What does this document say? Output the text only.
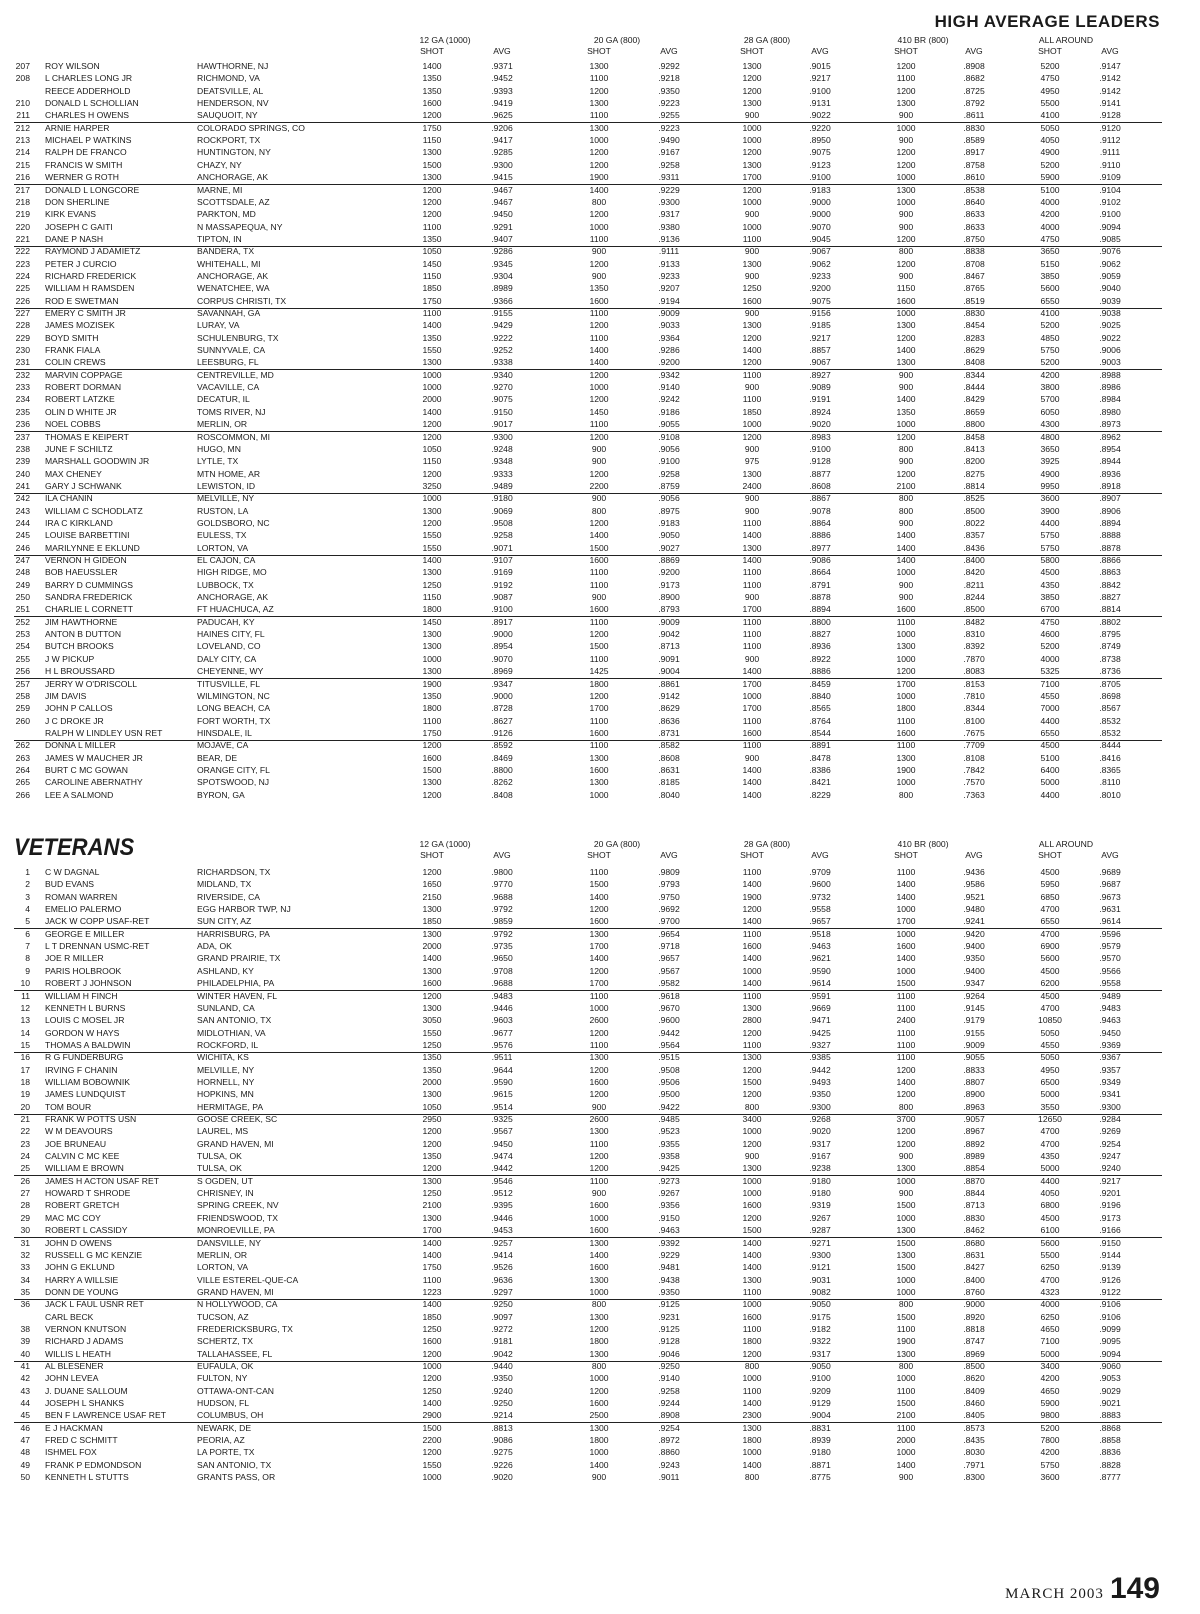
HIGH AVERAGE LEADERS
12 GA (1000)	20 GA (800)	28 GA (800)	410 BR (800)	ALL AROUND
SHOT	AVG	SHOT	AVG	SHOT	AVG	SHOT	AVG	SHOT	AVG
207 ROY WILSON	HAWTHORNE, NJ	1400	.9371	1300	.9292	1300	.9015	1200	.8908	5200	.9147
208 L CHARLES LONG JR	RICHMOND, VA	1350	.9452	1100	.9218	1200	.9217	1100	.8682	4750	.9142
REECE ADDERHOLD	DEATSVILLE, AL	1350	.9393	1200	.9350	1200	.9100	1200	.8725	4950	.9142
210 DONALD L SCHOLLIAN	HENDERSON, NV	1600	.9419	1300	.9223	1300	.9131	1300	.8792	5500	.9141
211 CHARLES H OWENS	SAUQUOIT, NY	1200	.9625	1100	.9255	900	.9022	900	.8611	4100	.9128
212 ARNIE HARPER	COLORADO SPRINGS, CO	1750	.9206	1300	.9223	1000	.9220	1000	.8830	5050	.9120
213 MICHAEL P WATKINS	ROCKPORT, TX	1150	.9417	1000	.9490	1000	.8950	900	.8589	4050	.9112
214 RALPH DE FRANCO	HUNTINGTON, NY	1300	.9285	1200	.9167	1200	.9075	1200	.8917	4900	.9111
215 FRANCIS W SMITH	CHAZY, NY	1500	.9300	1200	.9258	1300	.9123	1200	.8758	5200	.9110
216 WERNER G ROTH	ANCHORAGE, AK	1300	.9415	1900	.9311	1700	.9100	1000	.8610	5900	.9109
217 DONALD L LONGCORE	MARNE, MI	1200	.9467	1400	.9229	1200	.9183	1300	.8538	5100	.9104
218 DON SHERLINE	SCOTTSDALE, AZ	1200	.9467	800	.9300	1000	.9000	1000	.8640	4000	.9102
219 KIRK EVANS	PARKTON, MD	1200	.9450	1200	.9317	900	.9000	900	.8633	4200	.9100
220 JOSEPH C GAITI	N MASSAPEQUA, NY	1100	.9291	1000	.9380	1000	.9070	900	.8633	4000	.9094
221 DANE P NASH	TIPTON, IN	1350	.9407	1100	.9136	1100	.9045	1200	.8750	4750	.9085
222 RAYMOND J ADAMIETZ	BANDERA, TX	1050	.9286	900	.9111	900	.9067	800	.8838	3650	.9076
223 PETER J CURCIO	WHITEHALL, MI	1450	.9345	1200	.9133	1300	.9062	1200	.8708	5150	.9062
224 RICHARD FREDERICK	ANCHORAGE, AK	1150	.9304	900	.9233	900	.9233	900	.8467	3850	.9059
225 WILLIAM H RAMSDEN	WENATCHEE, WA	1850	.8989	1350	.9207	1250	.9200	1150	.8765	5600	.9040
226 ROD E SWETMAN	CORPUS CHRISTI, TX	1750	.9366	1600	.9194	1600	.9075	1600	.8519	6550	.9039
227 EMERY C SMITH JR	SAVANNAH, GA	1100	.9155	1100	.9009	900	.9156	1000	.8830	4100	.9038
228 JAMES MOZISEK	LURAY, VA	1400	.9429	1200	.9033	1300	.9185	1300	.8454	5200	.9025
229 BOYD SMITH	SCHULENBURG, TX	1350	.9222	1100	.9364	1200	.9217	1200	.8283	4850	.9022
230 FRANK FIALA	SUNNYVALE, CA	1550	.9252	1400	.9286	1400	.8857	1400	.8629	5750	.9006
231 COLIN CREWS	LEESBURG, FL	1300	.9338	1400	.9200	1200	.9067	1300	.8408	5200	.9003
232 MARVIN COPPAGE	CENTREVILLE, MD	1000	.9340	1200	.9342	1100	.8927	900	.8344	4200	.8988
233 ROBERT DORMAN	VACAVILLE, CA	1000	.9270	1000	.9140	900	.9089	900	.8444	3800	.8986
234 ROBERT LATZKE	DECATUR, IL	2000	.9075	1200	.9242	1100	.9191	1400	.8429	5700	.8984
235 OLIN D WHITE JR	TOMS RIVER, NJ	1400	.9150	1450	.9186	1850	.8924	1350	.8659	6050	.8980
236 NOEL COBBS	MERLIN, OR	1200	.9017	1100	.9055	1000	.9020	1000	.8800	4300	.8973
237 THOMAS E KEIPERT	ROSCOMMON, MI	1200	.9300	1200	.9108	1200	.8983	1200	.8458	4800	.8962
238 JUNE F SCHILTZ	HUGO, MN	1050	.9248	900	.9056	900	.9100	800	.8413	3650	.8954
239 MARSHALL GOODWIN JR	LYTLE, TX	1150	.9348	900	.9100	975	.9128	900	.8200	3925	.8944
240 MAX CHENEY	MTN HOME, AR	1200	.9333	1200	.9258	1300	.8877	1200	.8275	4900	.8936
241 GARY J SCHWANK	LEWISTON, ID	3250	.9489	2200	.8759	2400	.8608	2100	.8814	9950	.8918
242 ILA CHANIN	MELVILLE, NY	1000	.9180	900	.9056	900	.8867	800	.8525	3600	.8907
243 WILLIAM C SCHODLATZ	RUSTON, LA	1300	.9069	800	.8975	900	.9078	800	.8500	3900	.8906
244 IRA C KIRKLAND	GOLDSBORO, NC	1200	.9508	1200	.9183	1100	.8864	900	.8022	4400	.8894
245 LOUISE BARBETTINI	EULESS, TX	1550	.9258	1400	.9050	1400	.8886	1400	.8357	5750	.8888
246 MARILYNNE E EKLUND	LORTON, VA	1550	.9071	1500	.9027	1300	.8977	1400	.8436	5750	.8878
247 VERNON H GIDEON	EL CAJON, CA	1400	.9107	1600	.8869	1400	.9086	1400	.8400	5800	.8866
248 BOB HAEUSSLER	HIGH RIDGE, MO	1300	.9169	1100	.9200	1100	.8664	1000	.8420	4500	.8863
249 BARRY D CUMMINGS	LUBBOCK, TX	1250	.9192	1100	.9173	1100	.8791	900	.8211	4350	.8842
250 SANDRA FREDERICK	ANCHORAGE, AK	1150	.9087	900	.8900	900	.8878	900	.8244	3850	.8827
251 CHARLIE L CORNETT	FT HUACHUCA, AZ	1800	.9100	1600	.8793	1700	.8894	1600	.8500	6700	.8814
252 JIM HAWTHORNE	PADUCAH, KY	1450	.8917	1100	.9009	1100	.8800	1100	.8482	4750	.8802
253 ANTON B DUTTON	HAINES CITY, FL	1300	.9000	1200	.9042	1100	.8827	1000	.8310	4600	.8795
254 BUTCH BROOKS	LOVELAND, CO	1300	.8954	1500	.8713	1100	.8936	1300	.8392	5200	.8749
255 J W PICKUP	DALY CITY, CA	1000	.9070	1100	.9091	900	.8922	1000	.7870	4000	.8738
256 H L BROUSSARD	CHEYENNE, WY	1300	.8969	1425	.9004	1400	.8886	1200	.8083	5325	.8736
257 JERRY W O'DRISCOLL	TITUSVILLE, FL	1900	.9347	1800	.8861	1700	.8459	1700	.8153	7100	.8705
258 JIM DAVIS	WILMINGTON, NC	1350	.9000	1200	.9142	1000	.8840	1000	.7810	4550	.8698
259 JOHN P CALLOS	LONG BEACH, CA	1800	.8728	1700	.8629	1700	.8565	1800	.8344	7000	.8567
260 J C DROKE JR	FORT WORTH, TX	1100	.8627	1100	.8636	1100	.8764	1100	.8100	4400	.8532
RALPH W LINDLEY USN RET	HINSDALE, IL	1750	.9126	1600	.8731	1600	.8544	1600	.7675	6550	.8532
262 DONNA L MILLER	MOJAVE, CA	1200	.8592	1100	.8582	1100	.8891	1100	.7709	4500	.8444
263 JAMES W MAUCHER JR	BEAR, DE	1600	.8469	1300	.8608	900	.8478	1300	.8108	5100	.8416
264 BURT C MC GOWAN	ORANGE CITY, FL	1500	.8800	1600	.8631	1400	.8386	1900	.7842	6400	.8365
265 CAROLINE ABERNATHY	SPOTSWOOD, NJ	1300	.8262	1300	.8185	1400	.8421	1000	.7570	5000	.8110
266 LEE A SALMOND	BYRON, GA	1200	.8408	1000	.8040	1400	.8229	800	.7363	4400	.8010
VETERANS	12 GA (1000)	20 GA (800)	28 GA (800)	410 BR (800)	ALL AROUND
SHOT	AVG	SHOT	AVG	SHOT	AVG	SHOT	AVG	SHOT	AVG
1 C W DAGNAL	RICHARDSON, TX	1200	.9800	1100	.9809	1100	.9709	1100	.9436	4500	.9689
2 BUD EVANS	MIDLAND, TX	1650	.9770	1500	.9793	1400	.9600	1400	.9586	5950	.9687
3 ROMAN WARREN	RIVERSIDE, CA	2150	.9688	1400	.9750	1900	.9732	1400	.9521	6850	.9673
4 EMELIO PALERMO	EGG HARBOR TWP, NJ	1300	.9792	1200	.9692	1200	.9558	1000	.9480	4700	.9631
5 JACK W COPP USAF-RET	SUN CITY, AZ	1850	.9859	1600	.9700	1400	.9657	1700	.9241	6550	.9614
6 GEORGE E MILLER	HARRISBURG, PA	1300	.9792	1300	.9654	1100	.9518	1000	.9420	4700	.9596
7 L T DRENNAN USMC-RET	ADA, OK	2000	.9735	1700	.9718	1600	.9463	1600	.9400	6900	.9579
8 JOE R MILLER	GRAND PRAIRIE, TX	1400	.9650	1400	.9657	1400	.9621	1400	.9350	5600	.9570
9 PARIS HOLBROOK	ASHLAND, KY	1300	.9708	1200	.9567	1000	.9590	1000	.9400	4500	.9566
10 ROBERT J JOHNSON	PHILADELPHIA, PA	1600	.9688	1700	.9582	1400	.9614	1500	.9347	6200	.9558
11 WILLIAM H FINCH	WINTER HAVEN, FL	1200	.9483	1100	.9618	1100	.9591	1100	.9264	4500	.9489
12 KENNETH L BURNS	SUNLAND, CA	1300	.9446	1000	.9670	1300	.9669	1100	.9145	4700	.9483
13 LOUIS C MOSEL JR	SAN ANTONIO, TX	3050	.9603	2600	.9600	2800	.9471	2400	.9179	10850	.9463
14 GORDON W HAYS	MIDLOTHIAN, VA	1550	.9677	1200	.9442	1200	.9425	1100	.9155	5050	.9450
15 THOMAS A BALDWIN	ROCKFORD, IL	1250	.9576	1100	.9564	1100	.9327	1100	.9009	4550	.9369
16 R G FUNDERBURG	WICHITA, KS	1350	.9511	1300	.9515	1300	.9385	1100	.9055	5050	.9367
17 IRVING F CHANIN	MELVILLE, NY	1350	.9644	1200	.9508	1200	.9442	1200	.8833	4950	.9357
18 WILLIAM BOBOWNIK	HORNELL, NY	2000	.9590	1600	.9506	1500	.9493	1400	.8807	6500	.9349
19 JAMES LUNDQUIST	HOPKINS, MN	1300	.9615	1200	.9500	1200	.9350	1200	.8900	5000	.9341
20 TOM BOUR	HERMITAGE, PA	1050	.9514	900	.9422	800	.9300	800	.8963	3550	.9300
21 FRANK W POTTS USN	GOOSE CREEK, SC	2950	.9325	2600	.9485	3400	.9268	3700	.9057	12650	.9284
22 W M DEAVOURS	LAUREL, MS	1200	.9567	1300	.9523	1000	.9020	1200	.8967	4700	.9269
23 JOE BRUNEAU	GRAND HAVEN, MI	1200	.9450	1100	.9355	1200	.9317	1200	.8892	4700	.9254
24 CALVIN C MC KEE	TULSA, OK	1350	.9474	1200	.9358	900	.9167	900	.8989	4350	.9247
25 WILLIAM E BROWN	TULSA, OK	1200	.9442	1200	.9425	1300	.9238	1300	.8854	5000	.9240
26 JAMES H ACTON USAF RET	S OGDEN, UT	1300	.9546	1100	.9273	1000	.9180	1000	.8870	4400	.9217
27 HOWARD T SHRODE	CHRISNEY, IN	1250	.9512	900	.9267	1000	.9180	900	.8844	4050	.9201
28 ROBERT GRETCH	SPRING CREEK, NV	2100	.9395	1600	.9356	1600	.9319	1500	.8713	6800	.9196
29 MAC MC COY	FRIENDSWOOD, TX	1300	.9446	1000	.9150	1200	.9267	1000	.8830	4500	.9173
30 ROBERT L CASSIDY	MONROEVILLE, PA	1700	.9453	1600	.9463	1500	.9287	1300	.8462	6100	.9166
31 JOHN D OWENS	DANSVILLE, NY	1400	.9257	1300	.9392	1400	.9271	1500	.8680	5600	.9150
32 RUSSELL G MC KENZIE	MERLIN, OR	1400	.9414	1400	.9229	1400	.9300	1300	.8631	5500	.9144
33 JOHN G EKLUND	LORTON, VA	1750	.9526	1600	.9481	1400	.9121	1500	.8427	6250	.9139
34 HARRY A WILLSIE	VILLE ESTEREL-QUE-CA	1100	.9636	1300	.9438	1300	.9031	1000	.8400	4700	.9126
35 DONN DE YOUNG	GRAND HAVEN, MI	1223	.9297	1000	.9350	1100	.9082	1000	.8760	4323	.9122
36 JACK L FAUL USNR RET	N HOLLYWOOD, CA	1400	.9250	800	.9125	1000	.9050	800	.9000	4000	.9106
CARL BECK	TUCSON, AZ	1850	.9097	1300	.9231	1600	.9175	1500	.8920	6250	.9106
38 VERNON KNUTSON	FREDERICKSBURG, TX	1250	.9272	1200	.9125	1100	.9182	1100	.8818	4650	.9099
39 RICHARD J ADAMS	SCHERTZ, TX	1600	.9181	1800	.9128	1800	.9322	1900	.8747	7100	.9095
40 WILLIS L HEATH	TALLAHASSEE, FL	1200	.9042	1300	.9046	1200	.9317	1300	.8969	5000	.9094
41 AL BLESENER	EUFAULA, OK	1000	.9440	800	.9250	800	.9050	800	.8500	3400	.9060
42 JOHN LEVEA	FULTON, NY	1200	.9350	1000	.9140	1000	.9100	1000	.8620	4200	.9053
43 J. DUANE SALLOUM	OTTAWA-ONT-CAN	1250	.9240	1200	.9258	1100	.9209	1100	.8409	4650	.9029
44 JOSEPH L SHANKS	HUDSON, FL	1400	.9250	1600	.9244	1400	.9129	1500	.8460	5900	.9021
45 BEN F LAWRENCE USAF RET	COLUMBUS, OH	2900	.9214	2500	.8908	2300	.9004	2100	.8405	9800	.8883
46 E J HACKMAN	NEWARK, DE	1500	.8813	1300	.9254	1300	.8831	1100	.8573	5200	.8868
47 FRED C SCHMITT	PEORIA, AZ	2200	.9086	1800	.8972	1800	.8939	2000	.8435	7800	.8858
48 ISHMEL FOX	LA PORTE, TX	1200	.9275	1000	.8860	1000	.9180	1000	.8030	4200	.8836
49 FRANK P EDMONDSON	SAN ANTONIO, TX	1550	.9226	1400	.9243	1400	.8871	1400	.7971	5750	.8828
50 KENNETH L STUTTS	GRANTS PASS, OR	1000	.9020	900	.9011	800	.8775	900	.8300	3600	.8777
MARCH 2003 149
